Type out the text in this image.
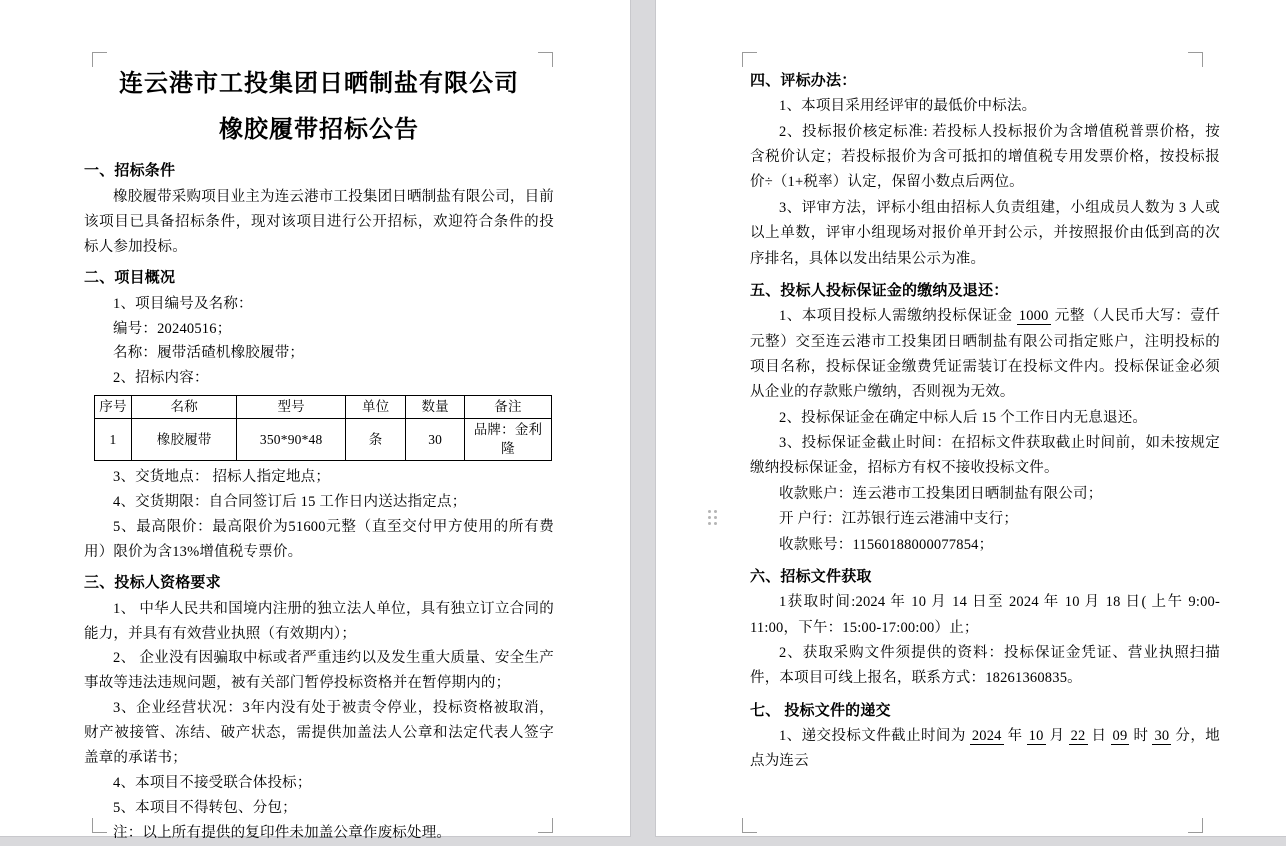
连云港市工投集团日晒制盐有限公司
橡胶履带招标公告
一、招标条件

橡胶履带采购项目业主为连云港市工投集团日晒制盐有限公司，目前该项目已具备招标条件，现对该项目进行公开招标，欢迎符合条件的投标人参加投标。

二、项目概况

1、项目编号及名称：

编号：20240516；

名称：履带活碴机橡胶履带；

2、招标内容：

序号	名称	型号	单位	数量	备注
1	橡胶履带	350*90*48	条	30	品牌：金利隆

3、交货地点： 招标人指定地点；

4、交货期限：自合同签订后 15 工作日内送达指定点；

5、最高限价：最高限价为51600元整（直至交付甲方使用的所有费用）限价为含13%增值税专票价。

三、投标人资格要求

1、 中华人民共和国境内注册的独立法人单位，具有独立订立合同的能力，并具有有效营业执照（有效期内）；

2、 企业没有因骗取中标或者严重违约以及发生重大质量、安全生产事故等违法违规问题，被有关部门暂停投标资格并在暂停期内的；

3、企业经营状况：3年内没有处于被责令停业，投标资格被取消，财产被接管、冻结、破产状态，需提供加盖法人公章和法定代表人签字盖章的承诺书；

4、本项目不接受联合体投标；

5、本项目不得转包、分包；

注：以上所有提供的复印件未加盖公章作废标处理。

四、评标办法：

1、本项目采用经评审的最低价中标法。

2、投标报价核定标准: 若投标人投标报价为含增值税普票价格，按含税价认定；若投标报价为含可抵扣的增值税专用发票价格，按投标报价÷（1+税率）认定，保留小数点后两位。

3、评审方法，评标小组由招标人负责组建，小组成员人数为 3 人或以上单数，评审小组现场对报价单开封公示，并按照报价由低到高的次序排名，具体以发出结果公示为准。

五、投标人投标保证金的缴纳及退还：

1、本项目投标人需缴纳投标保证金 1000 元整（人民币大写：壹仟元整）交至连云港市工投集团日晒制盐有限公司指定账户，注明投标的项目名称，投标保证金缴费凭证需装订在投标文件内。投标保证金必须从企业的存款账户缴纳，否则视为无效。

2、投标保证金在确定中标人后 15 个工作日内无息退还。

3、投标保证金截止时间：在招标文件获取截止时间前，如未按规定缴纳投标保证金，招标方有权不接收投标文件。

收款账户：连云港市工投集团日晒制盐有限公司；

开 户行：江苏银行连云港浦中支行；

收款账号：11560188000077854；

六、招标文件获取

1获取时间:2024 年 10 月 14 日至 2024 年 10 月 18 日( 上午 9:00-11:00，下午：15:00-17:00:00）止；

2、获取采购文件须提供的资料：投标保证金凭证、营业执照扫描件，本项目可线上报名，联系方式：18261360835。

七、 投标文件的递交

1、递交投标文件截止时间为 2024 年 10 月 22 日 09 时 30 分，地点为连云
